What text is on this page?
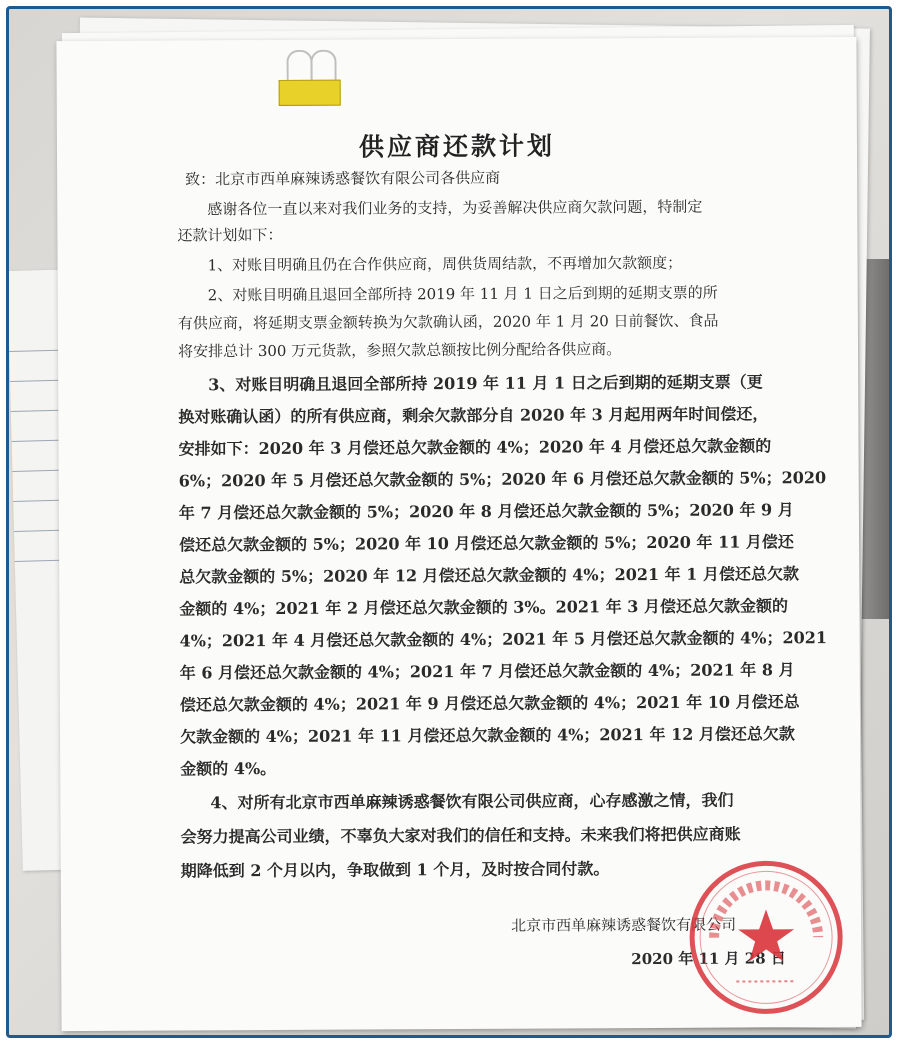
供应商还款计划
致：北京市西单麻辣诱惑餐饮有限公司各供应商
感谢各位一直以来对我们业务的支持，为妥善解决供应商欠款问题，特制定
还款计划如下：
1、对账目明确且仍在合作供应商，周供货周结款，不再增加欠款额度；
2、对账目明确且退回全部所持 2019 年 11 月 1 日之后到期的延期支票的所
有供应商，将延期支票金额转换为欠款确认函，2020 年 1 月 20 日前餐饮、食品
将安排总计 300 万元货款，参照欠款总额按比例分配给各供应商。
3、对账目明确且退回全部所持 2019 年 11 月 1 日之后到期的延期支票（更
换对账确认函）的所有供应商，剩余欠款部分自 2020 年 3 月起用两年时间偿还，
安排如下：2020 年 3 月偿还总欠款金额的 4%；2020 年 4 月偿还总欠款金额的
6%；2020 年 5 月偿还总欠款金额的 5%；2020 年 6 月偿还总欠款金额的 5%；2020
年 7 月偿还总欠款金额的 5%；2020 年 8 月偿还总欠款金额的 5%；2020 年 9 月
偿还总欠款金额的 5%；2020 年 10 月偿还总欠款金额的 5%；2020 年 11 月偿还
总欠款金额的 5%；2020 年 12 月偿还总欠款金额的 4%；2021 年 1 月偿还总欠款
金额的 4%；2021 年 2 月偿还总欠款金额的 3%。2021 年 3 月偿还总欠款金额的
4%；2021 年 4 月偿还总欠款金额的 4%；2021 年 5 月偿还总欠款金额的 4%；2021
年 6 月偿还总欠款金额的 4%；2021 年 7 月偿还总欠款金额的 4%；2021 年 8 月
偿还总欠款金额的 4%；2021 年 9 月偿还总欠款金额的 4%；2021 年 10 月偿还总
欠款金额的 4%；2021 年 11 月偿还总欠款金额的 4%；2021 年 12 月偿还总欠款
金额的 4%。
4、对所有北京市西单麻辣诱惑餐饮有限公司供应商，心存感激之情，我们
会努力提高公司业绩，不辜负大家对我们的信任和支持。未来我们将把供应商账
期降低到 2 个月以内，争取做到 1 个月，及时按合同付款。
北京市西单麻辣诱惑餐饮有限公司
2020 年 11 月 28 日
